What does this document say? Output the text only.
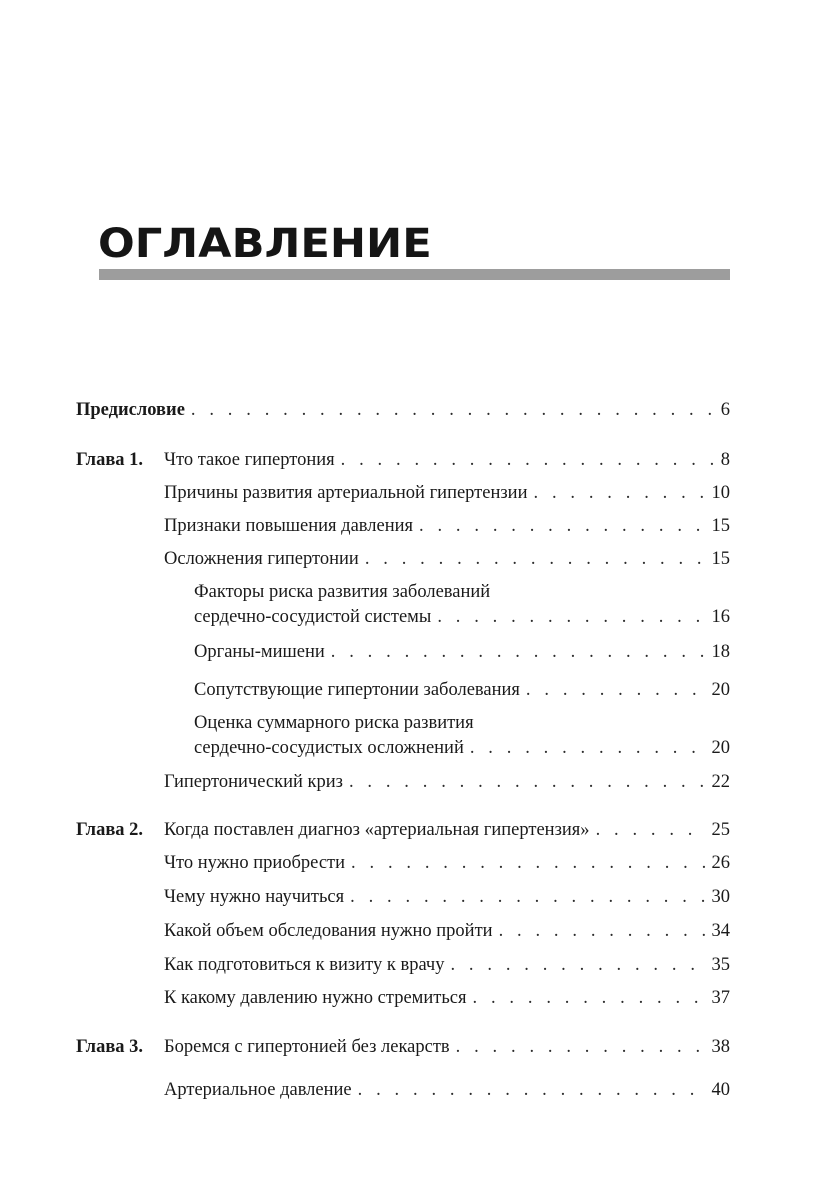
ОГЛАВЛЕНИЕ
Предисловие . . .	6
Глава 1. Что такое гипертония . . .	8
Причины развития артериальной гипертензии . . .	10
Признаки повышения давления . . .	15
Осложнения гипертонии . . .	15
Факторы риска развития заболеваний
сердечно-сосудистой системы . . .	16
Органы-мишени . . .	18
Сопутствующие гипертонии заболевания . . .	20
Оценка суммарного риска развития
сердечно-сосудистых осложнений . . .	20
Гипертонический криз . . .	22
Глава 2. Когда поставлен диагноз «артериальная гипертензия» . . .	25
Что нужно приобрести . . .	26
Чему нужно научиться . . .	30
Какой объем обследования нужно пройти . . .	34
Как подготовиться к визиту к врачу . . .	35
К какому давлению нужно стремиться . . .	37
Глава 3. Боремся с гипертонией без лекарств . . .	38
Артериальное давление . . .	40
